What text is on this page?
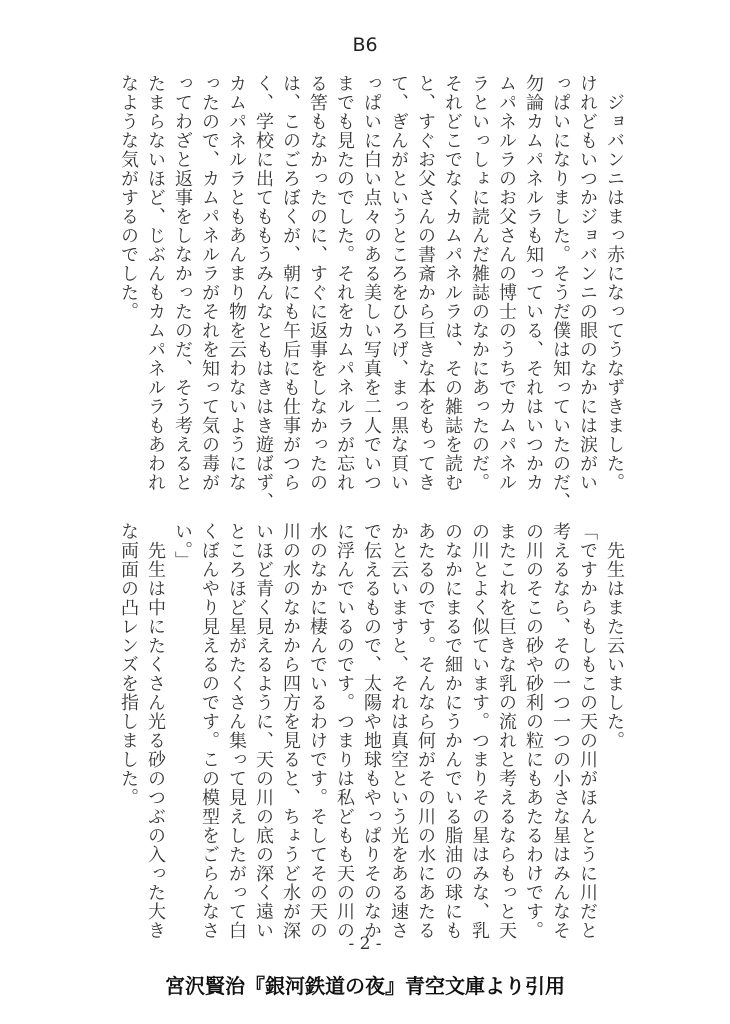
B6
　ジョバンニはまっ赤になってうなずきました。
けれどもいつかジョバンニの眼のなかには涙がい
っぱいになりました。そうだ僕は知っていたのだ、
勿論カムパネルラも知っている、それはいつかカ
ムパネルラのお父さんの博士のうちでカムパネル
ラといっしょに読んだ雑誌のなかにあったのだ。
それどこでなくカムパネルラは、その雑誌を読む
と、すぐお父さんの書斎から巨きな本をもってき
て、ぎんがというところをひろげ、まっ黒な頁い
っぱいに白い点々のある美しい写真を二人でいつ
までも見たのでした。それをカムパネルラが忘れ
る筈もなかったのに、すぐに返事をしなかったの
は、このごろぼくが、朝にも午后にも仕事がつら
く、学校に出てももうみんなともはきはき遊ばず、
カムパネルラともあんまり物を云わないようにな
ったので、カムパネルラがそれを知って気の毒が
ってわざと返事をしなかったのだ、そう考えると
たまらないほど、じぶんもカムパネルラもあわれ
なような気がするのでした。
　先生はまた云いました。
「ですからもしもこの天の川がほんとうに川だと
考えるなら、その一つ一つの小さな星はみんなそ
の川のそこの砂や砂利の粒にもあたるわけです。
またこれを巨きな乳の流れと考えるならもっと天
の川とよく似ています。つまりその星はみな、乳
のなかにまるで細かにうかんでいる脂油の球にも
あたるのです。そんなら何がその川の水にあたる
かと云いますと、それは真空という光をある速さ
で伝えるもので、太陽や地球もやっぱりそのなか
に浮んでいるのです。つまりは私どもも天の川の
水のなかに棲んでいるわけです。そしてその天の
川の水のなかから四方を見ると、ちょうど水が深
いほど青く見えるように、天の川の底の深く遠い
ところほど星がたくさん集って見えしたがって白
くぼんやり見えるのです。この模型をごらんなさ
い。」
　先生は中にたくさん光る砂のつぶの入った大き
な両面の凸レンズを指しました。
- 2 -
宮沢賢治『銀河鉄道の夜』青空文庫より引用
